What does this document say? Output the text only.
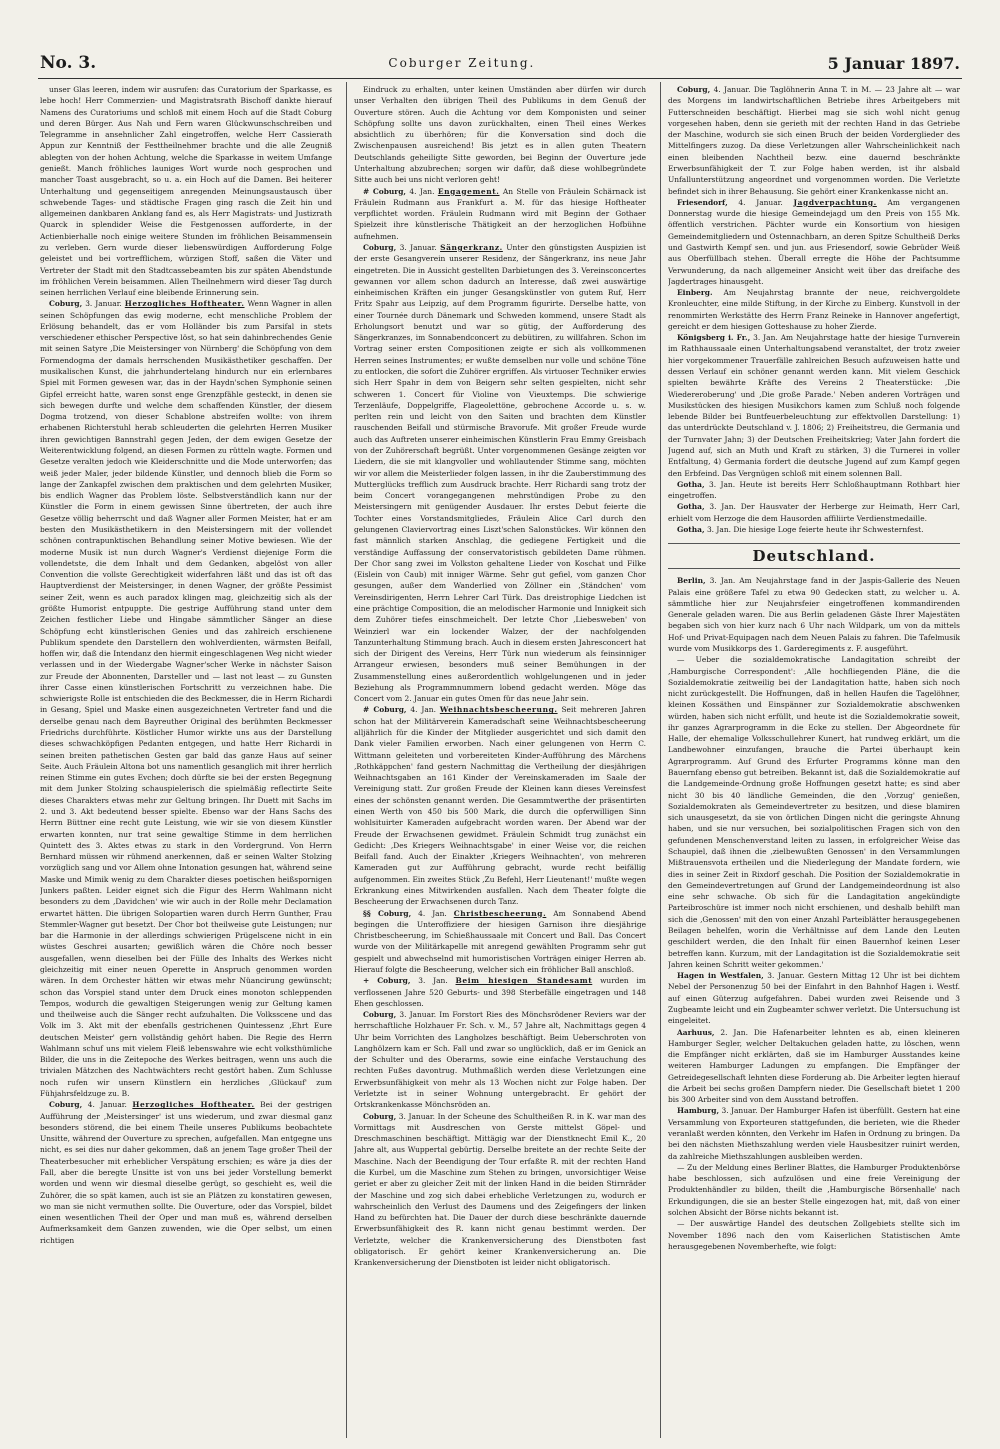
No. 3.	Coburger Zeitung.	5 Januar 1897.

unser Glas leeren, indem wir ausrufen: das Curatorium der Sparkasse, es lebe hoch! Herr Commerzien- und Magistratsrath Bischoff dankte hierauf Namens des Curatoriums und schloß mit einem Hoch auf die Stadt Coburg und deren Bürger. Aus Nah und Fern waren Glückwunschschreiben und Telegramme in ansehnlicher Zahl eingetroffen, welche Herr Cassierath Appun zur Kenntniß der Festtheilnehmer brachte und die alle Zeugniß ablegten von der hohen Achtung, welche die Sparkasse in weitem Umfange genießt. Manch fröhliches launiges Wort wurde noch gesprochen und mancher Toast ausgebracht, so u. a. ein Hoch auf die Damen. Bei heiterer Unterhaltung und gegenseitigem anregenden Meinungsaustausch über schwebende Tages- und städtische Fragen ging rasch die Zeit hin und allgemeinen dankbaren Anklang fand es, als Herr Magistrats- und Justizrath Quarck in splendider Weise die Festgenossen aufforderte, in der Actienbierhalle noch einige weitere Stunden im fröhlichen Beisammensein zu verleben. Gern wurde dieser liebenswürdigen Aufforderung Folge geleistet und bei vortrefflichem, würzigen Stoff, saßen die Väter und Vertreter der Stadt mit den Stadtcassebeamten bis zur späten Abendstunde im fröhlichen Verein beisammen. Allen Theilnehmern wird dieser Tag durch seinen herrlichen Verlauf eine bleibende Erinnerung sein.

Coburg, 3. Januar. Herzogliches Hoftheater. Wenn Wagner in allen seinen Schöpfungen das ewig moderne, echt menschliche Problem der Erlösung behandelt, das er vom Holländer bis zum Parsifal in stets verschiedener ethischer Perspective löst, so hat sein dahinbrechendes Genie mit seinen Satyre ‚Die Meistersinger von Nürnberg' die Schöpfung von dem Formendogma der damals herrschenden Musikästhetiker geschaffen. Der musikalischen Kunst, die jahrhundertelang hindurch nur ein erlernbares Spiel mit Formen gewesen war, das in der Haydn'schen Symphonie seinen Gipfel erreicht hatte, waren sonst enge Grenzpfähle gesteckt, in denen sie sich bewegen durfte und welche dem schaffenden Künstler, der diesem Dogma trotzend, von dieser Schablone abstreifen wollte: von ihrem erhabenen Richterstuhl herab schleuderten die gelehrten Herren Musiker ihren gewichtigen Bannstrahl gegen Jeden, der dem ewigen Gesetze der Weiterentwicklung folgend, an diesen Formen zu rütteln wagte. Formen und Gesetze veralten jedoch wie Kleiderschnitte und die Mode unterworfen; das weiß jeder Maler, jeder bildende Künstler, und dennoch blieb die Form so lange der Zankapfel zwischen dem praktischen und dem gelehrten Musiker, bis endlich Wagner das Problem löste. Selbstverständlich kann nur der Künstler die Form in einem gewissen Sinne übertreten, der auch ihre Gesetze völlig beherrscht und daß Wagner aller Formen Meister, hat er am besten den Musikästhetikern in den Meistersingern mit der vollendet schönen contrapunktischen Behandlung seiner Motive bewiesen. Wie der moderne Musik ist nun durch Wagner's Verdienst diejenige Form die vollendetste, die dem Inhalt und dem Gedanken, abgelöst von aller Convention die vollste Gerechtigkeit widerfahren läßt und das ist oft das Hauptverdienst der Meistersinger, in denen Wagner, der größte Pessimist seiner Zeit, wenn es auch paradox klingen mag, gleichzeitig sich als der größte Humorist entpuppte. Die gestrige Aufführung stand unter dem Zeichen festlicher Liebe und Hingabe sämmtlicher Sänger an diese Schöpfung echt künstlerischen Genies und das zahlreich erschienene Publikum spendete den Darstellern den wohlverdienten, wärmsten Beifall, hoffen wir, daß die Intendanz den hiermit eingeschlagenen Weg nicht wieder verlassen und in der Wiedergabe Wagner'scher Werke in nächster Saison zur Freude der Abonnenten, Darsteller und — last not least — zu Gunsten ihrer Casse einen künstlerischen Fortschritt zu verzeichnen habe. Die schwierigste Rolle ist entschieden die des Beckmesser, die in Herrn Richardi in Gesang, Spiel und Maske einen ausgezeichneten Vertreter fand und die derselbe genau nach dem Bayreuther Original des berühmten Beckmesser Friedrichs durchführte. Köstlicher Humor wirkte uns aus der Darstellung dieses schwachköpfigen Pedanten entgegen, und hatte Herr Richardi in seinen breiten pathetischen Gesten gar bald das ganze Haus auf seiner Seite. Auch Fräulein Altona bot uns namentlich gesanglich mit ihrer herrlich reinen Stimme ein gutes Evchen; doch dürfte sie bei der ersten Begegnung mit dem Junker Stolzing schauspielerisch die spielmäßig reflectirte Seite dieses Charakters etwas mehr zur Geltung bringen. Ihr Duett mit Sachs im 2. und 3. Akt bedeutend besser spielte. Ebenso war der Hans Sachs des Herrn Büttner eine recht gute Leistung, wie wir sie von diesem Künstler erwarten konnten, nur trat seine gewaltige Stimme in dem herrlichen Quintett des 3. Aktes etwas zu stark in den Vordergrund. Von Herrn Bernhard müssen wir rühmend anerkennen, daß er seinen Walter Stolzing vorzüglich sang und vor Allem ohne Intonation gesungen hat, während seine Maske und Mimik wenig zu dem Charakter dieses poetischen heißspornigen Junkers paßten. Leider eignet sich die Figur des Herrn Wahlmann nicht besonders zu dem ‚Davidchen' wie wir auch in der Rolle mehr Declamation erwartet hätten. Die übrigen Solopartien waren durch Herrn Gunther, Frau Stemmler-Wagner gut besetzt. Der Chor bot theilweise gute Leistungen; nur bar die Harmonie in der allerdings schwierigen Prügelscene nicht in ein wüstes Geschrei ausarten; gewißlich wären die Chöre noch besser ausgefallen, wenn dieselben bei der Fülle des Inhalts des Werkes nicht gleichzeitig mit einer neuen Operette in Anspruch genommen worden wären. In dem Orchester hätten wir etwas mehr Nüancirung gewünscht; schon das Vorspiel stand unter dem Druck eines monoton schleppenden Tempos, wodurch die gewaltigen Steigerungen wenig zur Geltung kamen und theilweise auch die Sänger recht aufzuhalten. Die Volksscene und das Volk im 3. Akt mit der ebenfalls gestrichenen Quintessenz ‚Ehrt Eure deutschen Meister' gern vollständig gehört haben. Die Regie des Herrn Wahlmann schuf uns mit vielem Fleiß lebenswahre wie echt volksthümliche Bilder, die uns in die Zeitepoche des Werkes beitragen, wenn uns auch die trivialen Mätzchen des Nachtwächters recht gestört haben. Zum Schlusse noch rufen wir unsern Künstlern ein herzliches ‚Glückauf' zum Fühjahrsfeldzuge zu. B.

Coburg, 4. Januar. Herzogliches Hoftheater. Bei der gestrigen Aufführung der ‚Meistersinger' ist uns wiederum, und zwar diesmal ganz besonders störend, die bei einem Theile unseres Publikums beobachtete Unsitte, während der Ouverture zu sprechen, aufgefallen. Man entgegne uns nicht, es sei dies nur daher gekommen, daß an jenem Tage großer Theil der Theaterbesucher mit erheblicher Verspätung erschien; es wäre ja dies der Fall, aber die beregte Unsitte ist von uns bei jeder Vorstellung bemerkt worden und wenn wir diesmal dieselbe gerügt, so geschieht es, weil die Zuhörer, die so spät kamen, auch ist sie an Plätzen zu konstatiren gewesen, wo man sie nicht vermuthen sollte. Die Ouverture, oder das Vorspiel, bildet einen wesentlichen Theil der Oper und man muß es, während derselben Aufmerksamkeit dem Ganzen zuwenden, wie die Oper selbst, um einen richtigen

Eindruck zu erhalten, unter keinen Umständen aber dürfen wir durch unser Verhalten den übrigen Theil des Publikums in dem Genuß der Ouverture stören. Auch die Achtung vor dem Komponisten und seiner Schöpfung sollte uns davon zurückhalten, einen Theil eines Werkes absichtlich zu überhören; für die Konversation sind doch die Zwischenpausen ausreichend! Bis jetzt es in allen guten Theatern Deutschlands geheiligte Sitte geworden, bei Beginn der Ouverture jede Unterhaltung abzubrechen; sorgen wir dafür, daß diese wohlbegründete Sitte auch bei uns nicht verloren geht!

# Coburg, 4. Jan. Engagement. An Stelle von Fräulein Schärnack ist Fräulein Rudmann aus Frankfurt a. M. für das hiesige Hoftheater verpflichtet worden. Fräulein Rudmann wird mit Beginn der Gothaer Spielzeit ihre künstlerische Thätigkeit an der herzoglichen Hofbühne aufnehmen.

Coburg, 3. Januar. Sängerkranz. Unter den günstigsten Auspizien ist der erste Gesangverein unserer Residenz, der Sängerkranz, ins neue Jahr eingetreten. Die in Aussicht gestellten Darbietungen des 3. Vereinsconcertes gewannen vor allem schon dadurch an Interesse, daß zwei auswärtige einheimischen Kräften ein junger Gesangskünstler von gutem Ruf, Herr Fritz Spahr aus Leipzig, auf dem Programm figurirte. Derselbe hatte, von einer Tournée durch Dänemark und Schweden kommend, unsere Stadt als Erholungsort benutzt und war so gütig, der Aufforderung des Sängerkranzes, im Sonnabendconcert zu debütiren, zu willfahren. Schon im Vortrag seiner ersten Compositionen zeigte er sich als vollkommenen Herren seines Instrumentes; er wußte demselben nur volle und schöne Töne zu entlocken, die sofort die Zuhörer ergriffen. Als virtuoser Techniker erwies sich Herr Spahr in dem von Beigern sehr selten gespielten, nicht sehr schweren 1. Concert für Violine von Vieuxtemps. Die schwierige Terzenläufe, Doppelgriffe, Flageolettöne, gebrochene Accorde u. s. w. perlten rein und leicht von den Saiten und brachten dem Künstler rauschenden Beifall und stürmische Bravorufe. Mit großer Freude wurde auch das Auftreten unserer einheimischen Künstlerin Frau Emmy Greisbach von der Zuhörerschaft begrüßt. Unter vorgenommenen Gesänge zeigten vor Liedern, die sie mit klangvoller und wohllautender Stimme sang, möchten wir vor allem die Meisterlieder folgen lassen, in ihr die Zauberstimmung des Mutterglücks trefflich zum Ausdruck brachte. Herr Richardi sang trotz der beim Concert vorangegangenen mehrstündigen Probe zu den Meistersingern mit genügender Ausdauer. Ihr erstes Debut feierte die Tochter eines Vorstandsmitgliedes, Fräulein Alice Carl durch den gelungenen Claviervortrag eines Liszt'schen Salonstückes. Wir können den fast männlich starken Anschlag, die gediegene Fertigkeit und die verständige Auffassung der conservatoristisch gebildeten Dame rühmen. Der Chor sang zwei im Volkston gehaltene Lieder von Koschat und Filke (Eislein von Caub) mit inniger Wärme. Sehr gut gefiel, vom ganzen Chor gesungen, außer dem Wanderlied von Zöllner ein ‚Ständchen' vom Vereinsdirigenten, Herrn Lehrer Carl Türk. Das dreistrophige Liedchen ist eine prächtige Composition, die an melodischer Harmonie und Innigkeit sich dem Zuhörer tiefes einschmeichelt. Der letzte Chor ‚Liebesweben' von Weinzierl war ein lockender Walzer, der der nachfolgenden Tanzunterhaltung Stimmung brach. Auch in diesem ersten Jahresconcert hat sich der Dirigent des Vereins, Herr Türk nun wiederum als feinsinniger Arrangeur erwiesen, besonders muß seiner Bemühungen in der Zusammenstellung eines außerordentlich wohlgelungenen und in jeder Beziehung als Programmnummern lobend gedacht werden. Möge das Concert vom 2. Januar ein gutes Omen für das neue Jahr sein.

# Coburg, 4. Jan. Weihnachtsbescheerung. Seit mehreren Jahren schon hat der Militärverein Kameradschaft seine Weihnachtsbescheerung alljährlich für die Kinder der Mitglieder ausgerichtet und sich damit den Dank vieler Familien erworben. Nach einer gelungenen von Herrn C. Wittmann geleiteten und vorbereiteten Kinder-Aufführung des Märchens ‚Rothkäppchen' fand gestern Nachmittag die Vertheilung der diesjährigen Weihnachtsgaben an 161 Kinder der Vereinskameraden im Saale der Vereinigung statt. Zur großen Freude der Kleinen kann dieses Vereinsfest eines der schönsten genannt werden. Die Gesammtwerthe der präsentirten einen Werth von 450 bis 500 Mark, die durch die opferwilligen Sinn wohlsituirter Kameraden aufgebracht worden waren. Der Abend war der Freude der Erwachsenen gewidmet. Fräulein Schmidt trug zunächst ein Gedicht: ‚Des Kriegers Weihnachtsgabe' in einer Weise vor, die reichen Beifall fand. Auch der Einakter ‚Kriegers Weihnachten', von mehreren Kameraden gut zur Aufführung gebracht, wurde recht beifällig aufgenommen. Ein zweites Stück ‚Zu Befehl, Herr Lieutenant!' mußte wegen Erkrankung eines Mitwirkenden ausfallen. Nach dem Theater folgte die Bescheerung der Erwachsenen durch Tanz.

§§ Coburg, 4. Jan. Christbescheerung. Am Sonnabend Abend begingen die Unteroffiziere der hiesigen Garnison ihre diesjährige Christbescheerung, im Schießhaussaale mit Concert und Ball. Das Concert wurde von der Militärkapelle mit anregend gewählten Programm sehr gut gespielt und abwechselnd mit humoristischen Vorträgen einiger Herren ab. Hierauf folgte die Bescheerung, welcher sich ein fröhlicher Ball anschloß.

+ Coburg, 3. Jan. Beim hiesigen Standesamt wurden im verflossenen Jahre 520 Geburts- und 398 Sterbefälle eingetragen und 148 Ehen geschlossen.

Coburg, 3. Januar. Im Forstort Ries des Mönchsrödener Reviers war der herrschaftliche Holzhauer Fr. Sch. v. M., 57 Jahre alt, Nachmittags gegen 4 Uhr beim Vorrichten des Langholzes beschäftigt. Beim Ueberschroten von Langhölzern kam er Sch. Fall und zwar so unglücklich, daß er im Genick an der Schulter und des Oberarms, sowie eine einfache Verstauchung des rechten Fußes davontrug. Muthmaßlich werden diese Verletzungen eine Erwerbsunfähigkeit von mehr als 13 Wochen nicht zur Folge haben. Der Verletzte ist in seiner Wohnung untergebracht. Er gehört der Ortskrankenkasse Mönchsröden an.

Coburg, 3. Januar. In der Scheune des Schultheißen R. in K. war man des Vormittags mit Ausdreschen von Gerste mittelst Göpel- und Dreschmaschinen beschäftigt. Mittägig war der Dienstknecht Emil K., 20 Jahre alt, aus Wuppertal gebürtig. Derselbe breitete an der rechte Seite der Maschine. Nach der Beendigung der Tour erfaßte R. mit der rechten Hand die Kurbel, um die Maschine zum Stehen zu bringen, unvorsichtiger Weise geriet er aber zu gleicher Zeit mit der linken Hand in die beiden Stirnräder der Maschine und zog sich dabei erhebliche Verletzungen zu, wodurch er wahrscheinlich den Verlust des Daumens und des Zeigefingers der linken Hand zu befürchten hat. Die Dauer der durch diese beschränkte dauernde Erwerbsunfähigkeit des R. kann nicht genau bestimmt werden. Der Verletzte, welcher die Krankenversicherung des Dienstboten fast obligatorisch. Er gehört keiner Krankenversicherung an. Die Krankenversicherung der Dienstboten ist leider nicht obligatorisch.

Coburg, 4. Januar. Die Taglöhnerin Anna T. in M. — 23 Jahre alt — war des Morgens im landwirtschaftlichen Betriebe ihres Arbeitgebers mit Futterschneiden beschäftigt. Hierbei mag sie sich wohl nicht genug vorgesehen haben, denn sie gerieth mit der rechten Hand in das Getriebe der Maschine, wodurch sie sich einen Bruch der beiden Vorderglieder des Mittelfingers zuzog. Da diese Verletzungen aller Wahrscheinlichkeit nach einen bleibenden Nachtheil bezw. eine dauernd beschränkte Erwerbsunfähigkeit der T. zur Folge haben werden, ist ihr alsbald Unfallunterstützung angeordnet und vorgenommen worden. Die Verletzte befindet sich in ihrer Behausung. Sie gehört einer Krankenkasse nicht an.

Friesendorf, 4. Januar. Jagdverpachtung. Am vergangenen Donnerstag wurde die hiesige Gemeindejagd um den Preis von 155 Mk. öffentlich verstrichen. Pächter wurde ein Konsortium von hiesigen Gemeindemitgliedern und Ostennachbarn, an deren Spitze Schultheiß Derks und Gastwirth Kempf sen. und jun. aus Friesendorf, sowie Gebrüder Weiß aus Oberfüllbach stehen. Überall erregte die Höhe der Pachtsumme Verwunderung, da nach allgemeiner Ansicht weit über das dreifache des Jagdertrages hinausgeht.

Einberg. Am Neujahrstag brannte der neue, reichvergoldete Kronleuchter, eine milde Stiftung, in der Kirche zu Einberg. Kunstvoll in der renommirten Werkstätte des Herrn Franz Reineke in Hannover angefertigt, gereicht er dem hiesigen Gotteshause zu hoher Zierde.

Königsberg i. Fr., 3. Jan. Am Neujahrstage hatte der hiesige Turnverein im Rathhaussaale einen Unterhaltungsabend veranstaltet, der trotz zweier hier vorgekommener Trauerfälle zahlreichen Besuch aufzuweisen hatte und dessen Verlauf ein schöner genannt werden kann. Mit vielem Geschick spielten bewährte Kräfte des Vereins 2 Theaterstücke: ‚Die Wiedereroberung' und ‚Die große Parade.' Neben anderen Vorträgen und Musikstücken des hiesigen Musikchors kamen zum Schluß noch folgende lebende Bilder bei Buntfeuerbeleuchtung zur effektvollen Darstellung: 1) das unterdrückte Deutschland v. J. 1806; 2) Freiheitstreu, die Germania und der Turnvater Jahn; 3) der Deutschen Freiheitskrieg; Vater Jahn fordert die Jugend auf, sich an Muth und Kraft zu stärken, 3) die Turnerei in voller Entfaltung, 4) Germania fordert die deutsche Jugend auf zum Kampf gegen den Erbfeind. Das Vergnügen schloß mit einem solennen Ball.

Gotha, 3. Jan. Heute ist bereits Herr Schloßhauptmann Rothbart hier eingetroffen.

Gotha, 3. Jan. Der Hausvater der Herberge zur Heimath, Herr Carl, erhielt vom Herzoge die dem Hausorden affiliirte Verdienstmedaille.

Gotha, 3. Jan. Die hiesige Loge feierte heute ihr Schwesternfest.

Deutschland.

Berlin, 3. Jan. Am Neujahrstage fand in der Jaspis-Gallerie des Neuen Palais eine größere Tafel zu etwa 90 Gedecken statt, zu welcher u. A. sämmtliche hier zur Neujahrsfeier eingetroffenen kommandirenden Generale geladen waren. Die aus Berlin geladenen Gäste Ihrer Majestäten begaben sich von hier kurz nach 6 Uhr nach Wildpark, um von da mittels Hof- und Privat-Equipagen nach dem Neuen Palais zu fahren. Die Tafelmusik wurde vom Musikkorps des 1. Garderegiments z. F. ausgeführt.

— Ueber die sozialdemokratische Landagitation schreibt der ‚Hamburgische Correspondent': ‚Alle hochfliegenden Pläne, die die Sozialdemokratie zeitweilig bei der Landagitation hatte, haben sich noch nicht zurückgestellt. Die Hoffnungen, daß in hellen Haufen die Tagelöhner, kleinen Kossäthen und Einspänner zur Sozialdemokratie abschwenken würden, haben sich nicht erfüllt, und heute ist die Sozialdemokratie soweit, ihr ganzes Agrarprogramm in die Ecke zu stellen. Der Abgeordnete für Halle, der ehemalige Volksschullehrer Kunert, hat rundweg erklärt, um die Landbewohner einzufangen, brauche die Partei überhaupt kein Agrarprogramm. Auf Grund des Erfurter Programms könne man den Bauernfang ebenso gut betreiben. Bekannt ist, daß die Sozialdemokratie auf die Landgemeinde-Ordnung große Hoffnungen gesetzt hatte; es sind aber nicht 30 bis 40 ländliche Gemeinden, die den ‚Vorzug' genießen, Sozialdemokraten als Gemeindevertreter zu besitzen, und diese blamiren sich unausgesetzt, da sie von örtlichen Dingen nicht die geringste Ahnung haben, und sie nur versuchen, bei sozialpolitischen Fragen sich von den gefundenen Menschenverstand leiten zu lassen, in erfolgreicher Weise das Schaupiel, daß ihnen die ‚zielbewußten Genossen' in den Versammlungen Mißtrauensvota ertheilen und die Niederlegung der Mandate fordern, wie dies in seiner Zeit in Rixdorf geschah. Die Position der Sozialdemokratie in den Gemeindevertretungen auf Grund der Landgemeindeordnung ist also eine sehr schwache. Ob sich für die Landagitation angekündigte Parteibroschüre ist immer noch nicht erschienen, und deshalb behilft man sich die ‚Genossen' mit den von einer Anzahl Parteiblätter herausgegebenen Beilagen behelfen, worin die Verhältnisse auf dem Lande den Leuten geschildert werden, die den Inhalt für einen Bauernhof keinen Leser betreffen kann. Kurzum, mit der Landagitation ist die Sozialdemokratie seit Jahren keinen Schritt weiter gekommen.'

Hagen in Westfalen, 3. Januar. Gestern Mittag 12 Uhr ist bei dichtem Nebel der Personenzug 50 bei der Einfahrt in den Bahnhof Hagen i. Westf. auf einen Güterzug aufgefahren. Dabei wurden zwei Reisende und 3 Zugbeamte leicht und ein Zugbeamter schwer verletzt. Die Untersuchung ist eingeleitet.

Aarhuus, 2. Jan. Die Hafenarbeiter lehnten es ab, einen kleineren Hamburger Segler, welcher Deltakuchen geladen hatte, zu löschen, wenn die Empfänger nicht erklärten, daß sie im Hamburger Ausstandes keine weiteren Hamburger Ladungen zu empfangen. Die Empfänger der Getreidegesellschaft lehnten diese Forderung ab. Die Arbeiter legten hierauf die Arbeit bei sechs großen Dampfern nieder. Die Gesellschaft bietet 1 200 bis 300 Arbeiter sind von dem Ausstand betroffen.

Hamburg, 3. Januar. Der Hamburger Hafen ist überfüllt. Gestern hat eine Versammlung von Exporteuren stattgefunden, die berieten, wie die Rheder veranlaßt werden könnten, den Verkehr im Hafen in Ordnung zu bringen. Da bei den nächsten Miethszahlung werden viele Hausbesitzer ruinirt werden, da zahlreiche Miethszahlungen ausbleiben werden.

— Zu der Meldung eines Berliner Blattes, die Hamburger Produktenbörse habe beschlossen, sich aufzulösen und eine freie Vereinigung der Produktenhändler zu bilden, theilt die ‚Hamburgische Börsenhalle' nach Erkundigungen, die sie an bester Stelle eingezogen hat, mit, daß von einer solchen Absicht der Börse nichts bekannt ist.

— Der auswärtige Handel des deutschen Zollgebiets stellte sich im November 1896 nach den vom Kaiserlichen Statistischen Amte herausgegebenen Novemberhefte, wie folgt:
